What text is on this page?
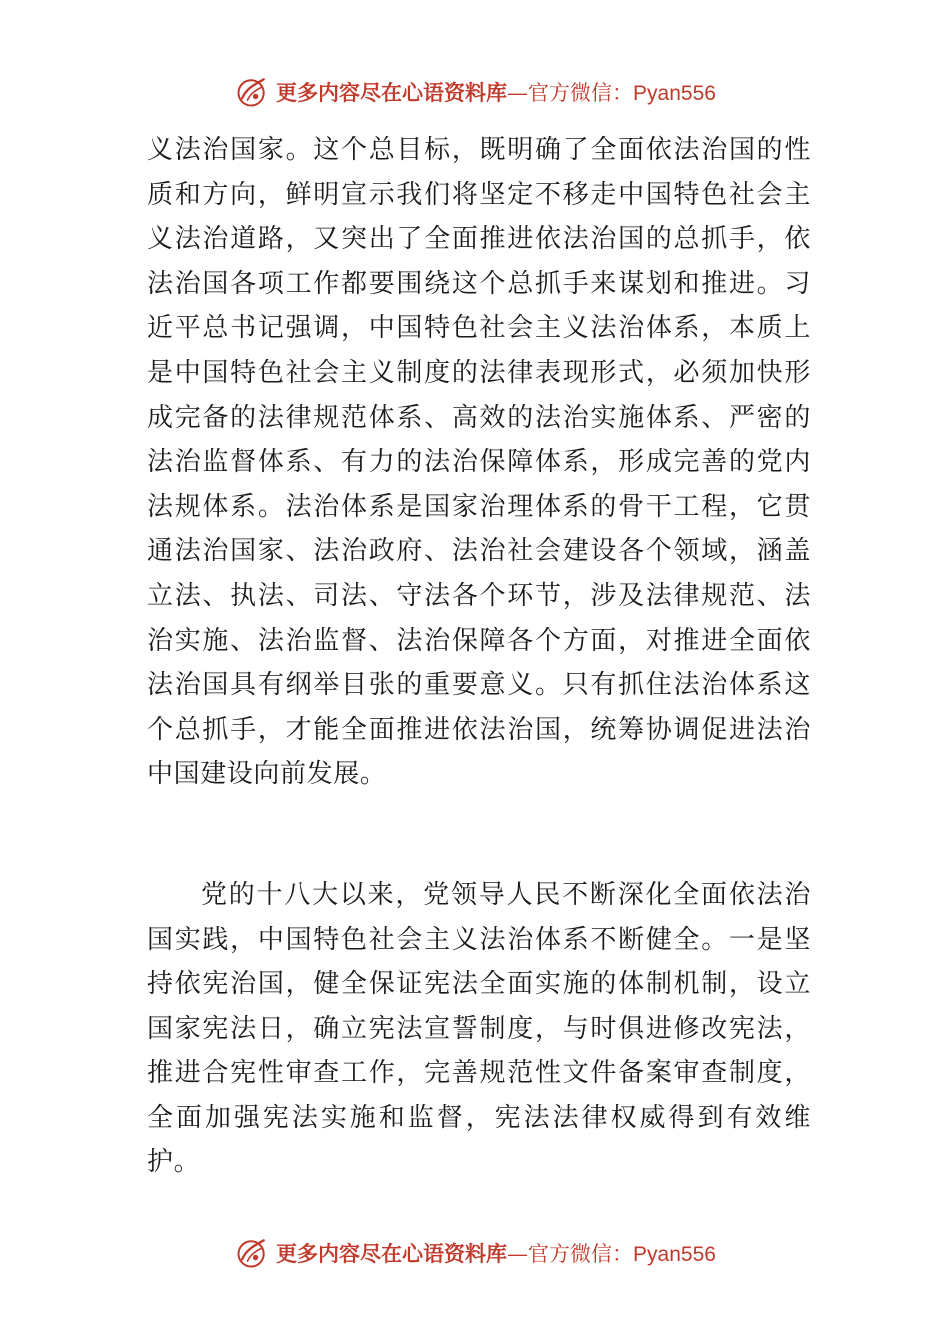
更多内容尽在心语资料库—官方微信：Pyan556

义法治国家。这个总目标，既明确了全面依法治国的性质和方向，鲜明宣示我们将坚定不移走中国特色社会主义法治道路，又突出了全面推进依法治国的总抓手，依法治国各项工作都要围绕这个总抓手来谋划和推进。习近平总书记强调，中国特色社会主义法治体系，本质上是中国特色社会主义制度的法律表现形式，必须加快形成完备的法律规范体系、高效的法治实施体系、严密的法治监督体系、有力的法治保障体系，形成完善的党内法规体系。法治体系是国家治理体系的骨干工程，它贯通法治国家、法治政府、法治社会建设各个领域，涵盖立法、执法、司法、守法各个环节，涉及法律规范、法治实施、法治监督、法治保障各个方面，对推进全面依法治国具有纲举目张的重要意义。只有抓住法治体系这个总抓手，才能全面推进依法治国，统筹协调促进法治中国建设向前发展。

党的十八大以来，党领导人民不断深化全面依法治国实践，中国特色社会主义法治体系不断健全。一是坚持依宪治国，健全保证宪法全面实施的体制机制，设立国家宪法日，确立宪法宣誓制度，与时俱进修改宪法，推进合宪性审查工作，完善规范性文件备案审查制度，全面加强宪法实施和监督，宪法法律权威得到有效维护。

更多内容尽在心语资料库—官方微信：Pyan556
